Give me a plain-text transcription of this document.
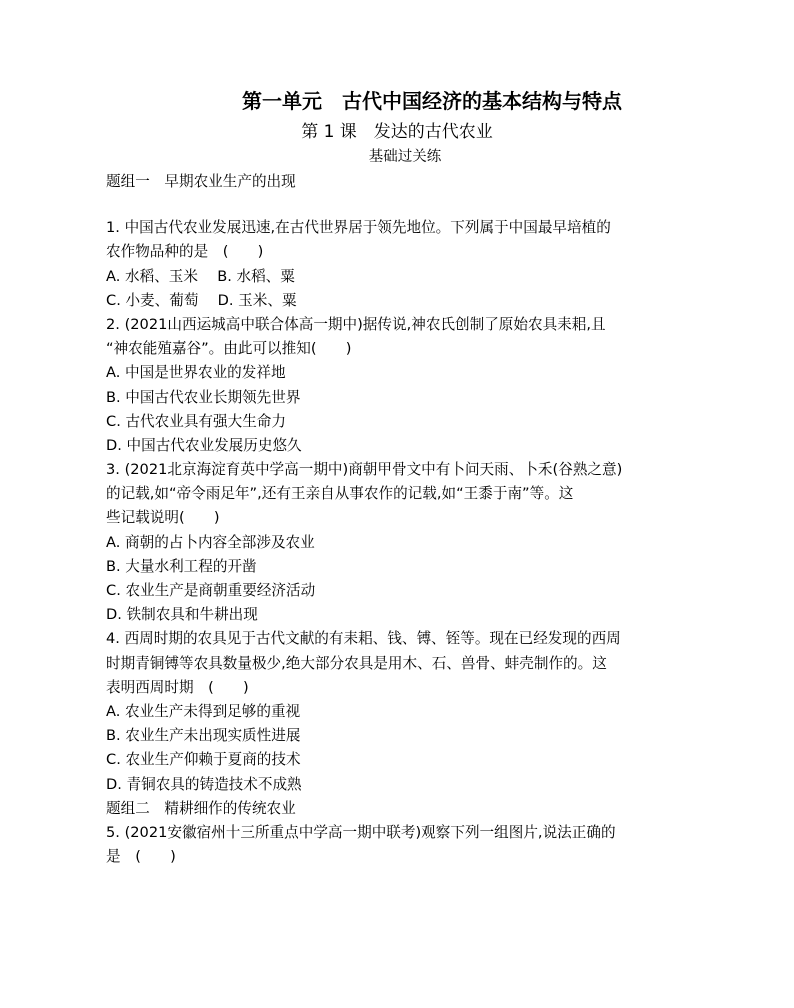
第一单元　古代中国经济的基本结构与特点
第 1 课　发达的古代农业
基础过关练
题组一　早期农业生产的出现
1. 中国古代农业发展迅速,在古代世界居于领先地位。下列属于中国最早培植的
农作物品种的是　(　　)
A. 水稻、玉米　 B. 水稻、粟
C. 小麦、葡萄　 D. 玉米、粟
2. (2021山西运城高中联合体高一期中)据传说,神农氏创制了原始农具耒耜,且
“神农能殖嘉谷”。由此可以推知(　　)
A. 中国是世界农业的发祥地
B. 中国古代农业长期领先世界
C. 古代农业具有强大生命力
D. 中国古代农业发展历史悠久
3. (2021北京海淀育英中学高一期中)商朝甲骨文中有卜问天雨、卜禾(谷熟之意)
的记载,如“帝令雨足年”,还有王亲自从事农作的记载,如“王黍于南”等。这
些记载说明(　　)
A. 商朝的占卜内容全部涉及农业
B. 大量水利工程的开凿
C. 农业生产是商朝重要经济活动
D. 铁制农具和牛耕出现
4. 西周时期的农具见于古代文献的有耒耜、钱、镈、铚等。现在已经发现的西周
时期青铜镈等农具数量极少,绝大部分农具是用木、石、兽骨、蚌壳制作的。这
表明西周时期　(　　)
A. 农业生产未得到足够的重视
B. 农业生产未出现实质性进展
C. 农业生产仰赖于夏商的技术
D. 青铜农具的铸造技术不成熟
题组二　精耕细作的传统农业
5. (2021安徽宿州十三所重点中学高一期中联考)观察下列一组图片,说法正确的
是　(　　)
